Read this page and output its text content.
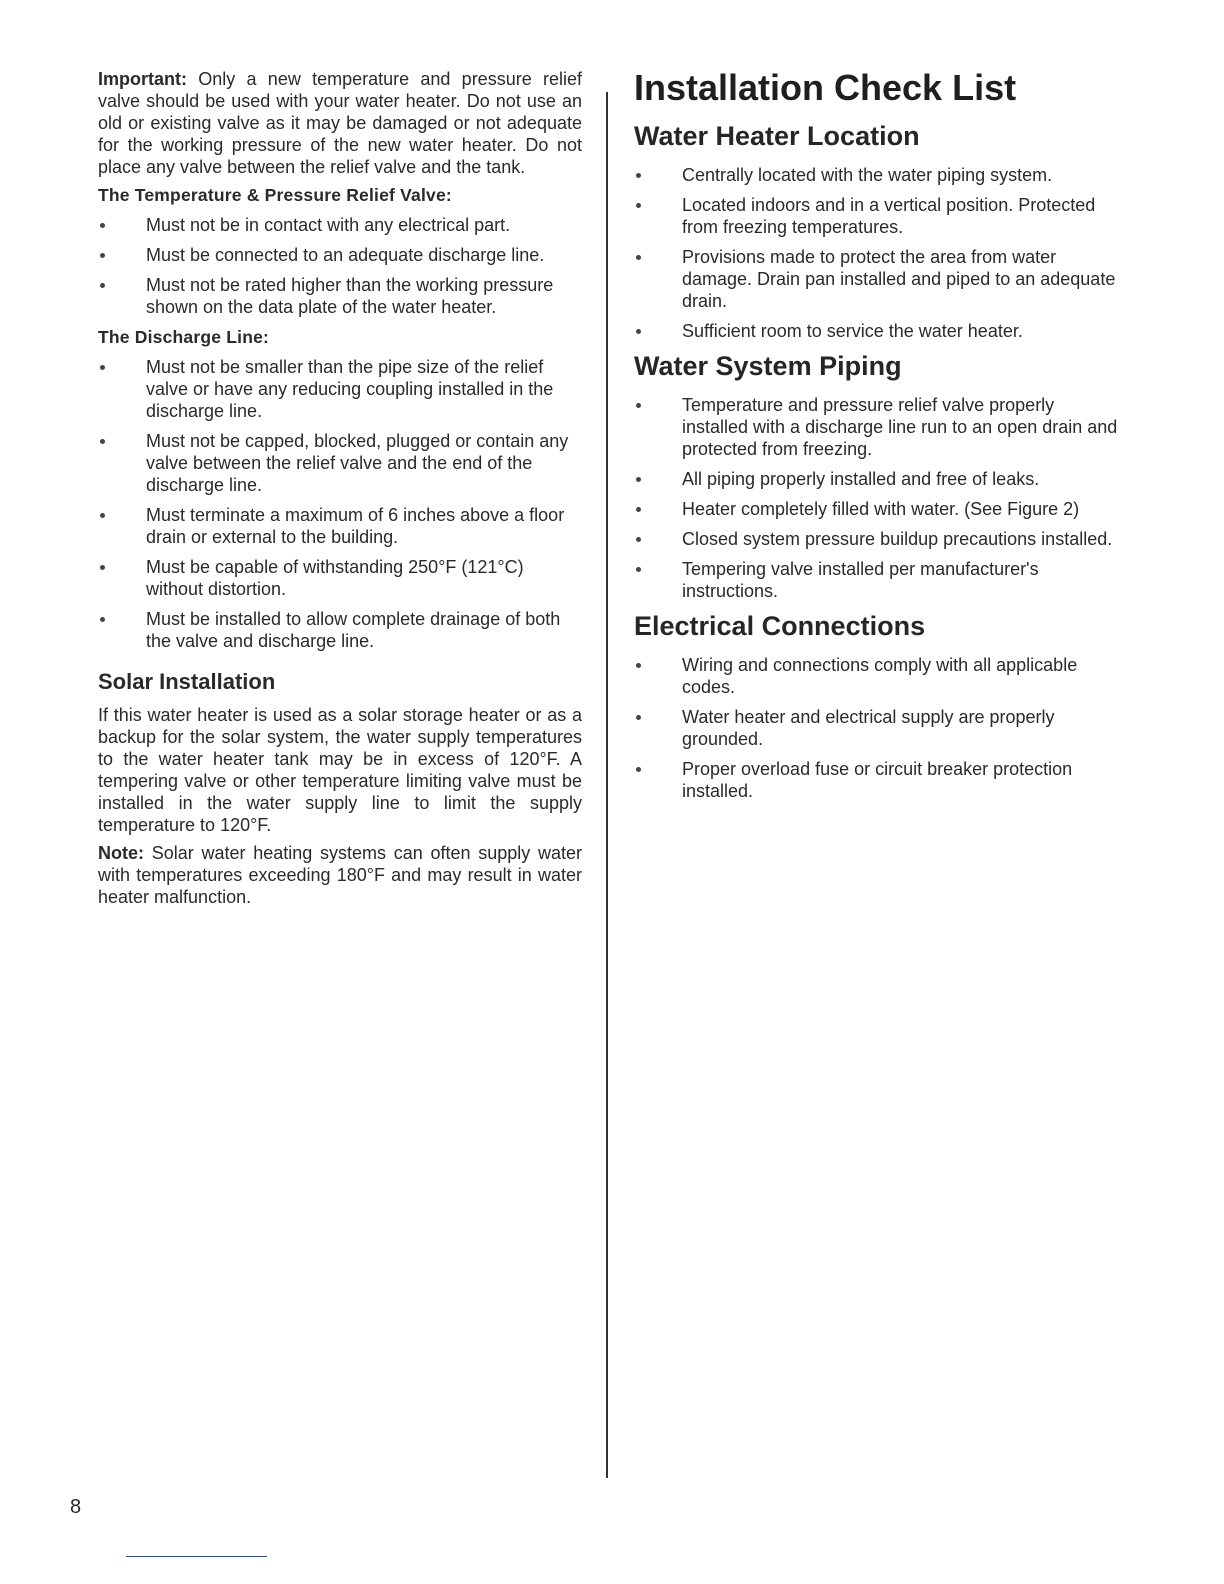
Important: Only a new temperature and pressure relief valve should be used with your water heater. Do not use an old or existing valve as it may be damaged or not adequate for the working pressure of the new water heater. Do not place any valve between the relief valve and the tank.

The Temperature & Pressure Relief Valve:
Must not be in contact with any electrical part.
Must be connected to an adequate discharge line.
Must not be rated higher than the working pressure shown on the data plate of the water heater.
The Discharge Line:
Must not be smaller than the pipe size of the relief valve or have any reducing coupling installed in the discharge line.
Must not be capped, blocked, plugged or contain any valve between the relief valve and the end of the discharge line.
Must terminate a maximum of 6 inches above a floor drain or external to the building.
Must be capable of withstanding 250°F (121°C) without distortion.
Must be installed to allow complete drainage of both the valve and discharge line.
Solar Installation

If this water heater is used as a solar storage heater or as a backup for the solar system, the water supply temperatures to the water heater tank may be in excess of 120°F. A tempering valve or other temperature limiting valve must be installed in the water supply line to limit the supply temperature to 120°F.

Note: Solar water heating systems can often supply water with temperatures exceeding 180°F and may result in water heater malfunction.

Installation Check List
Water Heater Location
Centrally located with the water piping system.
Located indoors and in a vertical position. Protected from freezing temperatures.
Provisions made to protect the area from water damage. Drain pan installed and piped to an adequate drain.
Sufficient room to service the water heater.
Water System Piping
Temperature and pressure relief valve properly installed with a discharge line run to an open drain and protected from freezing.
All piping properly installed and free of leaks.
Heater completely filled with water. (See Figure 2)
Closed system pressure buildup precautions installed.
Tempering valve installed per manufacturer's instructions.
Electrical Connections
Wiring and connections comply with all applicable codes.
Water heater and electrical supply are properly grounded.
Proper overload fuse or circuit breaker protection installed.
8
